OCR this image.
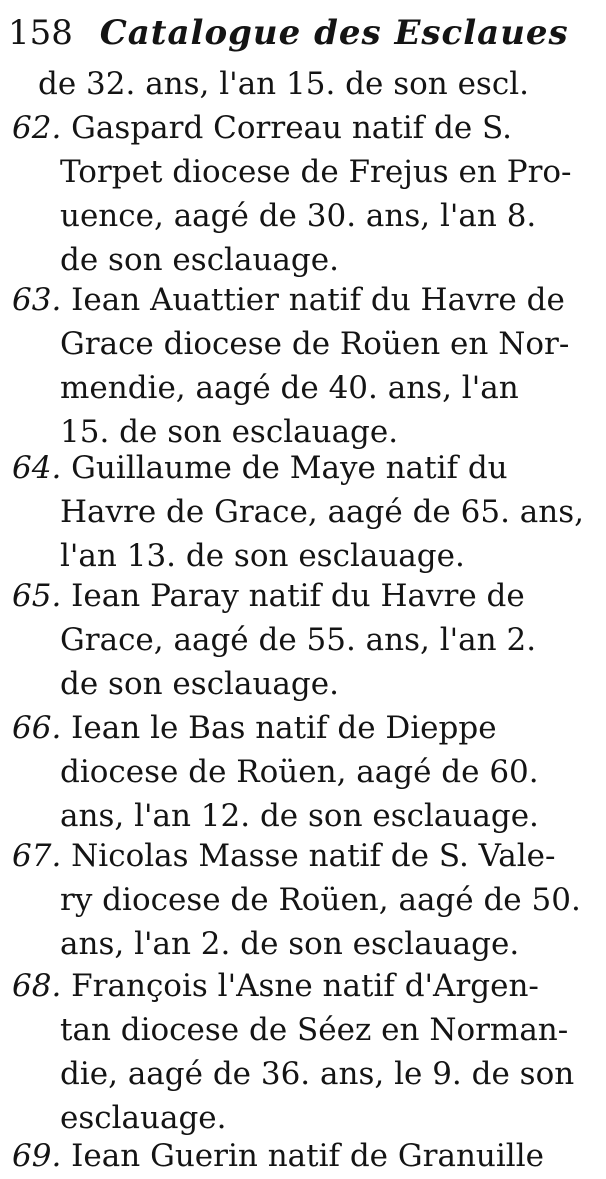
158 Catalogue des Esclaues
de 32. ans, l'an 15. de son escl.
62. Gaspard Correau natif de S.
Torpet diocese de Frejus en Pro-
uence, aagé de 30. ans, l'an 8.
de son esclauage.
63. Iean Auattier natif du Havre de
Grace diocese de Roüen en Nor-
mendie, aagé de 40. ans, l'an
15. de son esclauage.
64. Guillaume de Maye natif du
Havre de Grace, aagé de 65. ans,
l'an 13. de son esclauage.
65. Iean Paray natif du Havre de
Grace, aagé de 55. ans, l'an 2.
de son esclauage.
66. Iean le Bas natif de Dieppe
diocese de Roüen, aagé de 60.
ans, l'an 12. de son esclauage.
67. Nicolas Masse natif de S. Vale-
ry diocese de Roüen, aagé de 50.
ans, l'an 2. de son esclauage.
68. François l'Asne natif d'Argen-
tan diocese de Séez en Norman-
die, aagé de 36. ans, le 9. de son
esclauage.
69. Iean Guerin natif de Granuille
